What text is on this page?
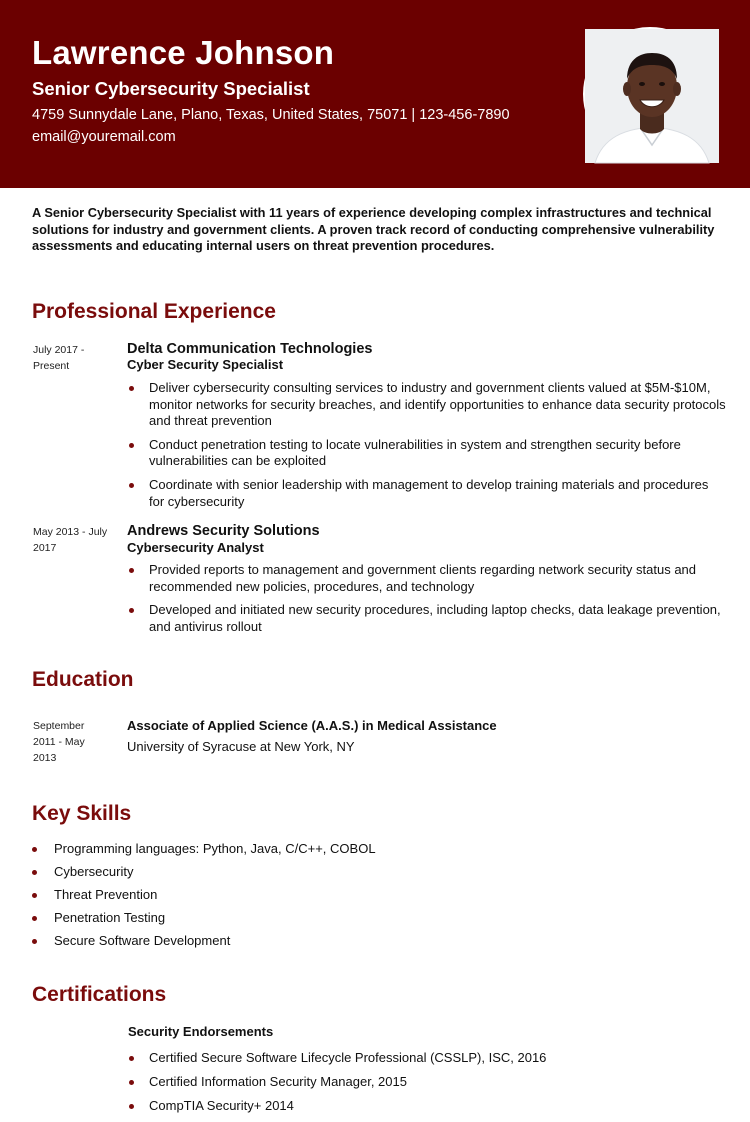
Lawrence Johnson
Senior Cybersecurity Specialist
4759 Sunnydale Lane, Plano, Texas, United States, 75071 | 123-456-7890
email@youremail.com
A Senior Cybersecurity Specialist with 11 years of experience developing complex infrastructures and technical solutions for industry and government clients. A proven track record of conducting comprehensive vulnerability assessments and educating internal users on threat prevention procedures.
Professional Experience
July 2017 - Present
Delta Communication Technologies
Cyber Security Specialist
Deliver cybersecurity consulting services to industry and government clients valued at $5M-$10M, monitor networks for security breaches, and identify opportunities to enhance data security protocols and threat prevention
Conduct penetration testing to locate vulnerabilities in system and strengthen security before vulnerabilities can be exploited
Coordinate with senior leadership with management to develop training materials and procedures for cybersecurity
May 2013 - July 2017
Andrews Security Solutions
Cybersecurity Analyst
Provided reports to management and government clients regarding network security status and recommended new policies, procedures, and technology
Developed and initiated new security procedures, including laptop checks, data leakage prevention, and antivirus rollout
Education
September 2011 - May 2013
Associate of Applied Science (A.A.S.) in Medical Assistance
University of Syracuse at New York, NY
Key Skills
Programming languages: Python, Java, C/C++, COBOL
Cybersecurity
Threat Prevention
Penetration Testing
Secure Software Development
Certifications
Security Endorsements
Certified Secure Software Lifecycle Professional (CSSLP), ISC, 2016
Certified Information Security Manager, 2015
CompTIA Security+ 2014
